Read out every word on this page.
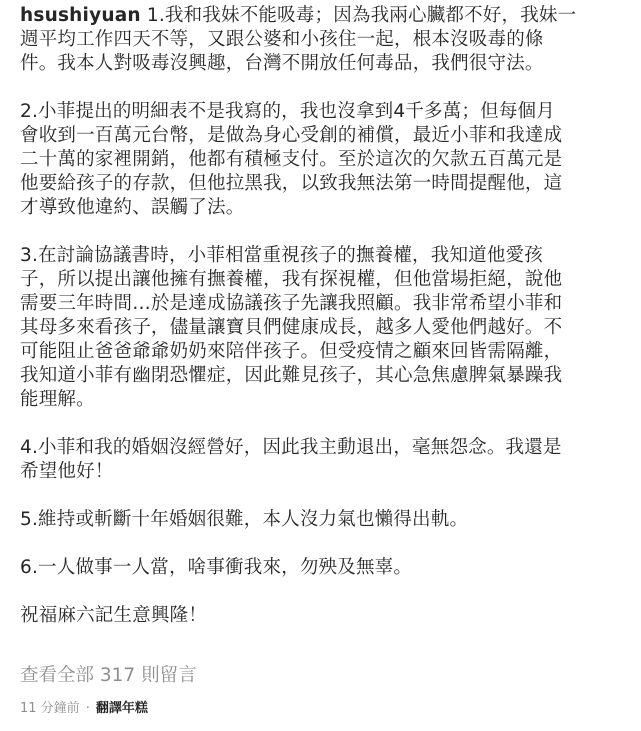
hsushiyuan 1.我和我妹不能吸毒；因為我兩心臟都不好，我妹一
週平均工作四天不等，又跟公婆和小孩住一起，根本沒吸毒的條
件。我本人對吸毒沒興趣，台灣不開放任何毒品，我們很守法。

2.小菲提出的明細表不是我寫的，我也沒拿到4千多萬；但每個月
會收到一百萬元台幣，是做為身心受創的補償，最近小菲和我達成
二十萬的家裡開銷，他都有積極支付。至於這次的欠款五百萬元是
他要給孩子的存款，但他拉黑我，以致我無法第一時間提醒他，這
才導致他違約、誤觸了法。

3.在討論協議書時，小菲相當重視孩子的撫養權，我知道他愛孩
子，所以提出讓他擁有撫養權，我有探視權，但他當場拒絕，說他
需要三年時間…於是達成協議孩子先讓我照顧。我非常希望小菲和
其母多來看孩子，儘量讓寶貝們健康成長，越多人愛他們越好。不
可能阻止爸爸爺爺奶奶來陪伴孩子。但受疫情之顧來回皆需隔離，
我知道小菲有幽閉恐懼症，因此難見孩子，其心急焦慮脾氣暴躁我
能理解。

4.小菲和我的婚姻沒經營好，因此我主動退出，毫無怨念。我還是
希望他好！

5.維持或斬斷十年婚姻很難，本人沒力氣也懶得出軌。

6.一人做事一人當，啥事衝我來，勿殃及無辜。

祝福麻六記生意興隆！

查看全部 317 則留言
11 分鐘前 · 翻譯年糕
